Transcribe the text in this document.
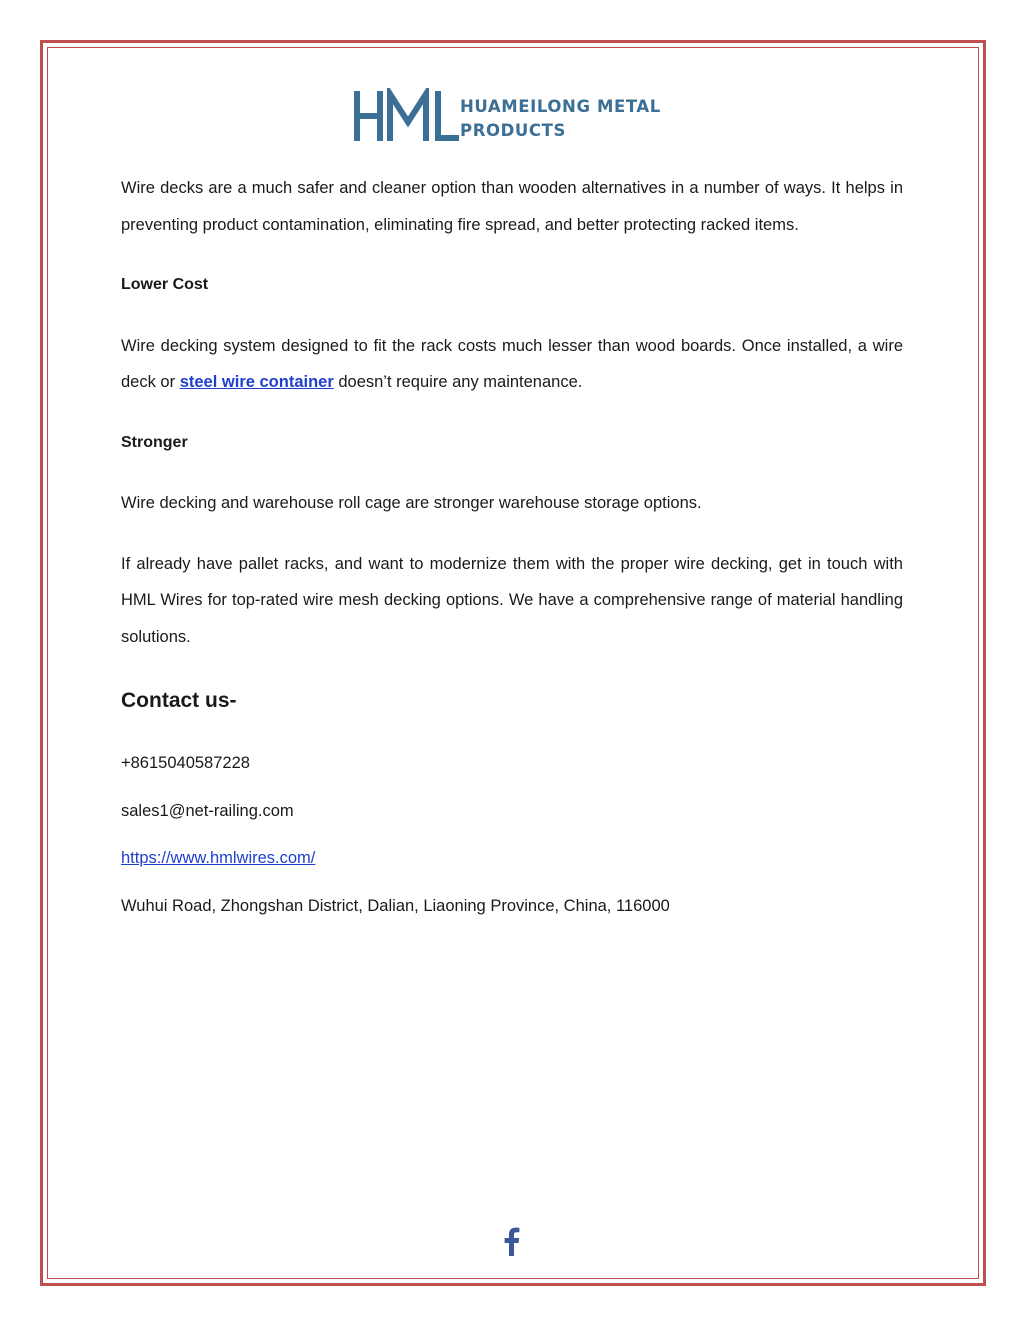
HUAMEILONG METAL
PRODUCTS

Wire decks are a much safer and cleaner option than wooden alternatives in a number of ways. It helps in preventing product contamination, eliminating fire spread, and better protecting racked items.

Lower Cost

Wire decking system designed to fit the rack costs much lesser than wood boards. Once installed, a wire deck or steel wire container doesn’t require any maintenance.

Stronger

Wire decking and warehouse roll cage are stronger warehouse storage options.

If already have pallet racks, and want to modernize them with the proper wire decking, get in touch with HML Wires for top-rated wire mesh decking options. We have a comprehensive range of material handling solutions.

Contact us-

+8615040587228

sales1@net-railing.com

https://www.hmlwires.com/

Wuhui Road, Zhongshan District, Dalian, Liaoning Province, China, 116000
